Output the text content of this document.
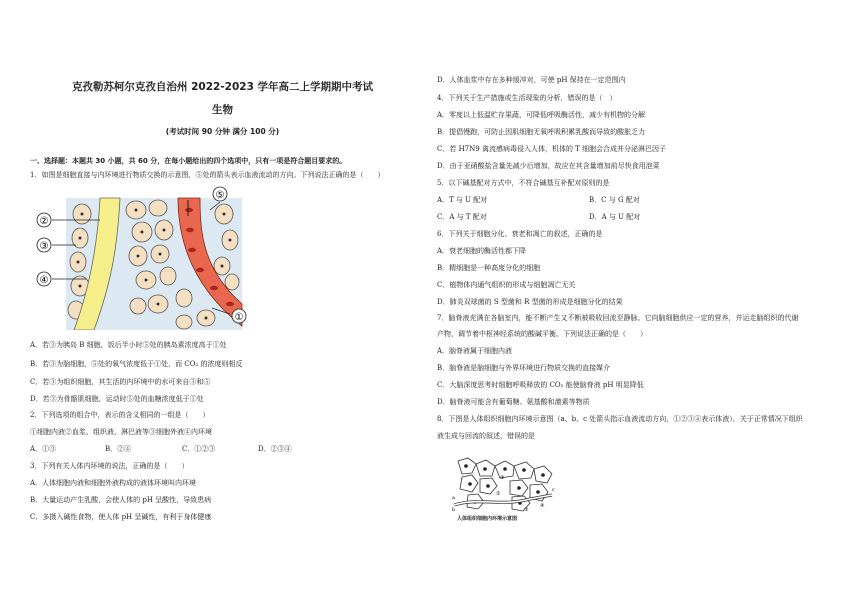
克孜勒苏柯尔克孜自治州 2022-2023 学年高二上学期期中考试
生物
(考试时间 90 分钟 满分 100 分)
一、选择题：本题共 30 小题，共 60 分，在每小题给出的四个选项中，只有一项是符合题目要求的。
1．如图是细胞直接与内环境进行物质交换的示意图，⑤处的箭头表示血液流动的方向。下列说法正确的是（　　）
②
③
④
⑤
①
A．若③为胰岛 B 细胞，饭后半小时⑤处的胰岛素浓度高于①处
B．若③为脑细胞，⑤处的氧气浓度低于①处，而 CO₂ 的浓度则相反
C．若③为组织细胞，其生活的内环境中的水可来自③和⑤
D．若③为骨骼肌细胞，运动时⑤处的血糖浓度低于①处
2．下列选项的组合中，表示的含义相同的一组是（　　）
①细胞内液②血浆、组织液、淋巴液等③细胞外液④内环境
A．①③	B．②④	C．①②③	D．②③④
3．下列有关人体内环境的说法，正确的是（　　）
A．人体细胞内液和细胞外液构成的液体环境叫内环境
B．大量运动产生乳酸，会使人体的 pH 呈酸性，导致患病
C．多摄入碱性食物，使人体 pH 呈碱性，有利于身体健康
D．人体血浆中存在多种缓冲对，可使 pH 保持在一定范围内
4．下列关于生产措施或生活现象的分析，错误的是（　）
A．零度以上低温贮存果蔬，可降低呼吸酶活性，减少有机物的分解
B．提倡慢跑，可防止因肌细胞无氧呼吸积累乳酸而导致的酸胀乏力
C．若 H7N9 禽流感病毒侵入人体，机体的 T 细胞会合成并分泌淋巴因子
D．由于亚硝酸盐含量先减少后增加，故应在其含量增加前尽快食用泡菜
5．以下碱基配对方式中，不符合碱基互补配对原则的是
A．T 与 U 配对	B．C 与 G 配对
C．A 与 T 配对	D．A 与 U 配对
6．下列关于细胞分化、衰老和凋亡的叙述，正确的是
A．衰老细胞的酶活性都下降
B．精细胞是一种高度分化的细胞
C．植物体内通气组织的形成与细胞凋亡无关
D．肺炎双球菌的 S 型菌和 R 型菌的形成是细胞分化的结果
7．脑脊液充满在各脑室内，能不断产生又不断被吸收回流至静脉。它向脑细胞供应一定的营养，并运走脑组织的代谢
产物，调节着中枢神经系统的酸碱平衡。下列说法正确的是（　　）
A．脑脊液属于细胞内液
B．脑脊液是脑细胞与外界环境进行物质交换的直接媒介
C．大脑深度思考时细胞呼吸释放的 CO₂ 能使脑脊液 pH 明显降低
D．脑脊液可能含有葡萄糖、氨基酸和激素等物质
8．下图是人体组织细胞内环境示意图（a、b、c 处箭头指示血液流动方向，①②③④表示体液），关于正常情况下组织
液生成与回流的叙述，错误的是
a
b
c
①
②
③
④
人体组织细胞内环境示意图
